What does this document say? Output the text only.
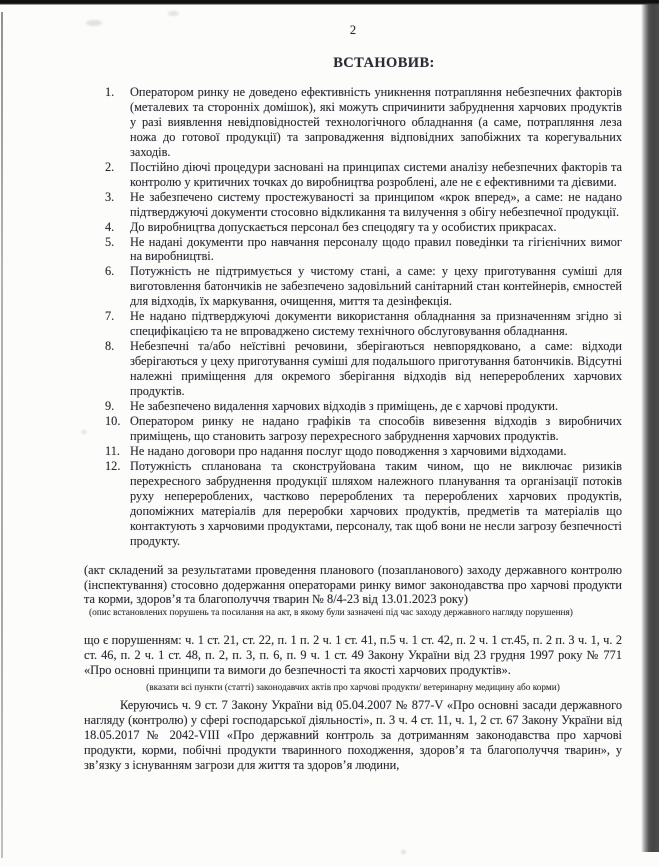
2
ВСТАНОВИВ:
1. Оператором ринку не доведено ефективність уникнення потрапляння небезпечних факторів (металевих та сторонніх домішок), які можуть спричинити забруднення харчових продуктів у разі виявлення невідповідностей технологічного обладнання (а саме, потрапляння леза ножа до готової продукції) та запровадження відповідних запобіжних та корегувальних заходів.
2. Постійно діючі процедури засновані на принципах системи аналізу небезпечних факторів та контролю у критичних точках до виробництва розроблені, але не є ефективними та дієвими.
3. Не забезпечено систему простежуваності за принципом «крок вперед», а саме: не надано підтверджуючі документи стосовно відкликання та вилучення з обігу небезпечної продукції.
4. До виробництва допускається персонал без спецодягу та у особистих прикрасах.
5. Не надані документи про навчання персоналу щодо правил поведінки та гігієнічних вимог на виробництві.
6. Потужність не підтримується у чистому стані, а саме: у цеху приготування суміші для виготовлення батончиків не забезпечено задовільний санітарний стан контейнерів, ємностей для відходів, їх маркування, очищення, миття та дезінфекція.
7. Не надано підтверджуючі документи використання обладнання за призначенням згідно зі специфікацією та не впроваджено систему технічного обслуговування обладнання.
8. Небезпечні та/або неїстівні речовини, зберігаються невпорядковано, а саме: відходи зберігаються у цеху приготування суміші для подальшого приготування батончиків. Відсутні належні приміщення для окремого зберігання відходів від неперероблених харчових продуктів.
9. Не забезпечено видалення харчових відходів з приміщень, де є харчові продукти.
10. Оператором ринку не надано графіків та способів вивезення відходів з виробничих приміщень, що становить загрозу перехресного забруднення харчових продуктів.
11. Не надано договори про надання послуг щодо поводження з харчовими відходами.
12. Потужність спланована та сконструйована таким чином, що не виключає ризиків перехресного забруднення продукції шляхом належного планування та організації потоків руху неперероблених, частково перероблених та перероблених харчових продуктів, допоміжних матеріалів для переробки харчових продуктів, предметів та матеріалів що контактують з харчовими продуктами, персоналу, так щоб вони не несли загрозу безпечності продукту.
(акт складений за результатами проведення планового (позапланового) заходу державного контролю (інспектування) стосовно додержання операторами ринку вимог законодавства про харчові продукти та корми, здоров’я та благополуччя тварин № 8/4-23 від 13.01.2023 року)
(опис встановлених порушень та посилання на акт, в якому були зазначені під час заходу державного нагляду порушення)
що є порушенням: ч. 1 ст. 21, ст. 22, п. 1 п. 2 ч. 1 ст. 41, п.5 ч. 1 ст. 42, п. 2 ч. 1 ст.45, п. 2 п. 3 ч. 1, ч. 2 ст. 46, п. 2 ч. 1 ст. 48, п. 2, п. 3, п. 6, п. 9 ч. 1 ст. 49 Закону України від 23 грудня 1997 року № 771 «Про основні принципи та вимоги до безпечності та якості харчових продуктів».
(вказати всі пункти (статті) законодавчих актів про харчові продукти/ ветеринарну медицину або корми)
Керуючись ч. 9 ст. 7 Закону України від 05.04.2007 № 877-V «Про основні засади державного нагляду (контролю) у сфері господарської діяльності», п. 3 ч. 4 ст. 11, ч. 1, 2 ст. 67 Закону України від 18.05.2017 № 2042-VIII «Про державний контроль за дотриманням законодавства про харчові продукти, корми, побічні продукти тваринного походження, здоров’я та благополуччя тварин», у зв’язку з існуванням загрози для життя та здоров’я людини,
